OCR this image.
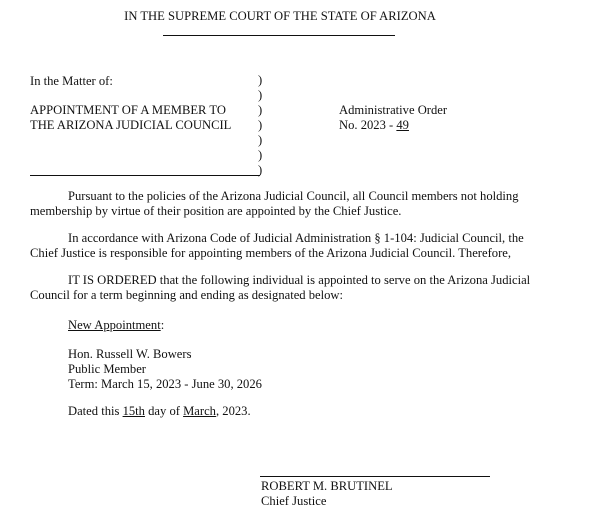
IN THE SUPREME COURT OF THE STATE OF ARIZONA
In the Matter of:
APPOINTMENT OF A MEMBER TO
THE ARIZONA JUDICIAL COUNCIL
)
)
)
)
)
)
)
Administrative Order
No. 2023 - 49
Pursuant to the policies of the Arizona Judicial Council, all Council members not holding
membership by virtue of their position are appointed by the Chief Justice.
In accordance with Arizona Code of Judicial Administration § 1-104: Judicial Council, the
Chief Justice is responsible for appointing members of the Arizona Judicial Council. Therefore,
IT IS ORDERED that the following individual is appointed to serve on the Arizona Judicial
Council for a term beginning and ending as designated below:
New Appointment:
Hon. Russell W. Bowers
Public Member
Term: March 15, 2023 - June 30, 2026
Dated this 15th day of March, 2023.
ROBERT M. BRUTINEL
Chief Justice
